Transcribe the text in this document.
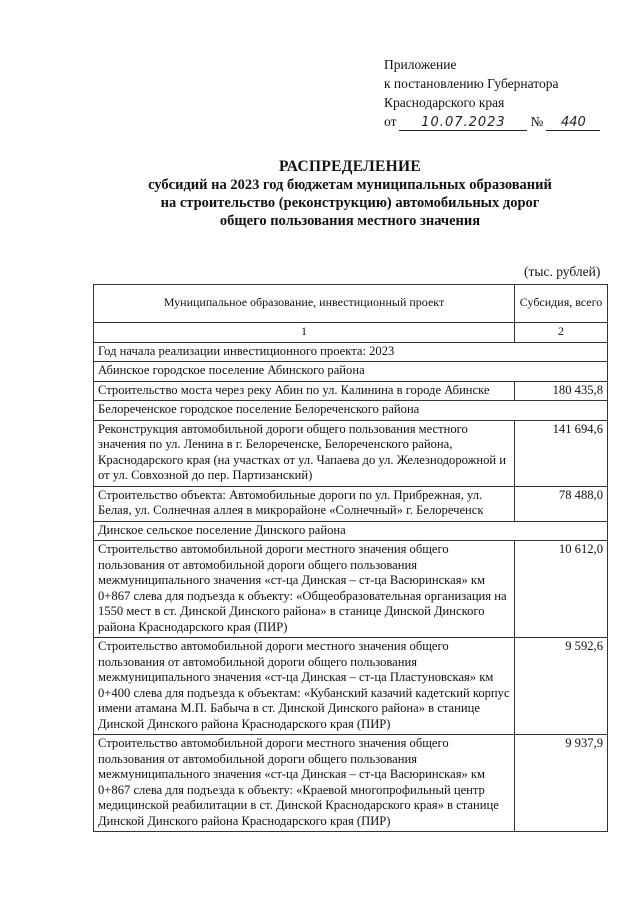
Приложение
к постановлению Губернатора
Краснодарского края
от	10.07.2023	№	440
РАСПРЕДЕЛЕНИЕ
субсидий на 2023 год бюджетам муниципальных образований
на строительство (реконструкцию) автомобильных дорог
общего пользования местного значения
(тыс. рублей)
Муниципальное образование, инвестиционный проект	Субсидия, всего
1	2
Год начала реализации инвестиционного проекта: 2023	
Абинское городское поселение Абинского района	
Строительство моста через реку Абин по ул. Калинина в городе Абинске	180 435,8
Белореченское городское поселение Белореченского района	
Реконструкция автомобильной дороги общего пользования местного значения по ул. Ленина в г. Белореченске, Белореченского района, Краснодарского края (на участках от ул. Чапаева до ул. Железнодорожной и от ул. Совхозной до пер. Партизанский)	141 694,6
Строительство объекта: Автомобильные дороги по ул. Прибрежная, ул. Белая, ул. Солнечная аллея в микрорайоне «Солнечный» г. Белореченск	78 488,0
Динское сельское поселение Динского района	
Строительство автомобильной дороги местного значения общего пользования от автомобильной дороги общего пользования межмуниципального значения «ст-ца Динская – ст-ца Васюринская» км 0+867 слева для подъезда к объекту: «Общеобразовательная организация на 1550 мест в ст. Динской Динского района» в станице Динской Динского района Краснодарского края (ПИР)	10 612,0
Строительство автомобильной дороги местного значения общего пользования от автомобильной дороги общего пользования межмуниципального значения «ст-ца Динская – ст-ца Пластуновская» км 0+400 слева для подъезда к объектам: «Кубанский казачий кадетский корпус имени атамана М.П. Бабыча в ст. Динской Динского района» в станице Динской Динского района Краснодарского края (ПИР)	9 592,6
Строительство автомобильной дороги местного значения общего пользования от автомобильной дороги общего пользования межмуниципального значения «ст-ца Динская – ст-ца Васюринская» км 0+867 слева для подъезда к объекту: «Краевой многопрофильный центр медицинской реабилитации в ст. Динской Краснодарского края» в станице Динской Динского района Краснодарского края (ПИР)	9 937,9
